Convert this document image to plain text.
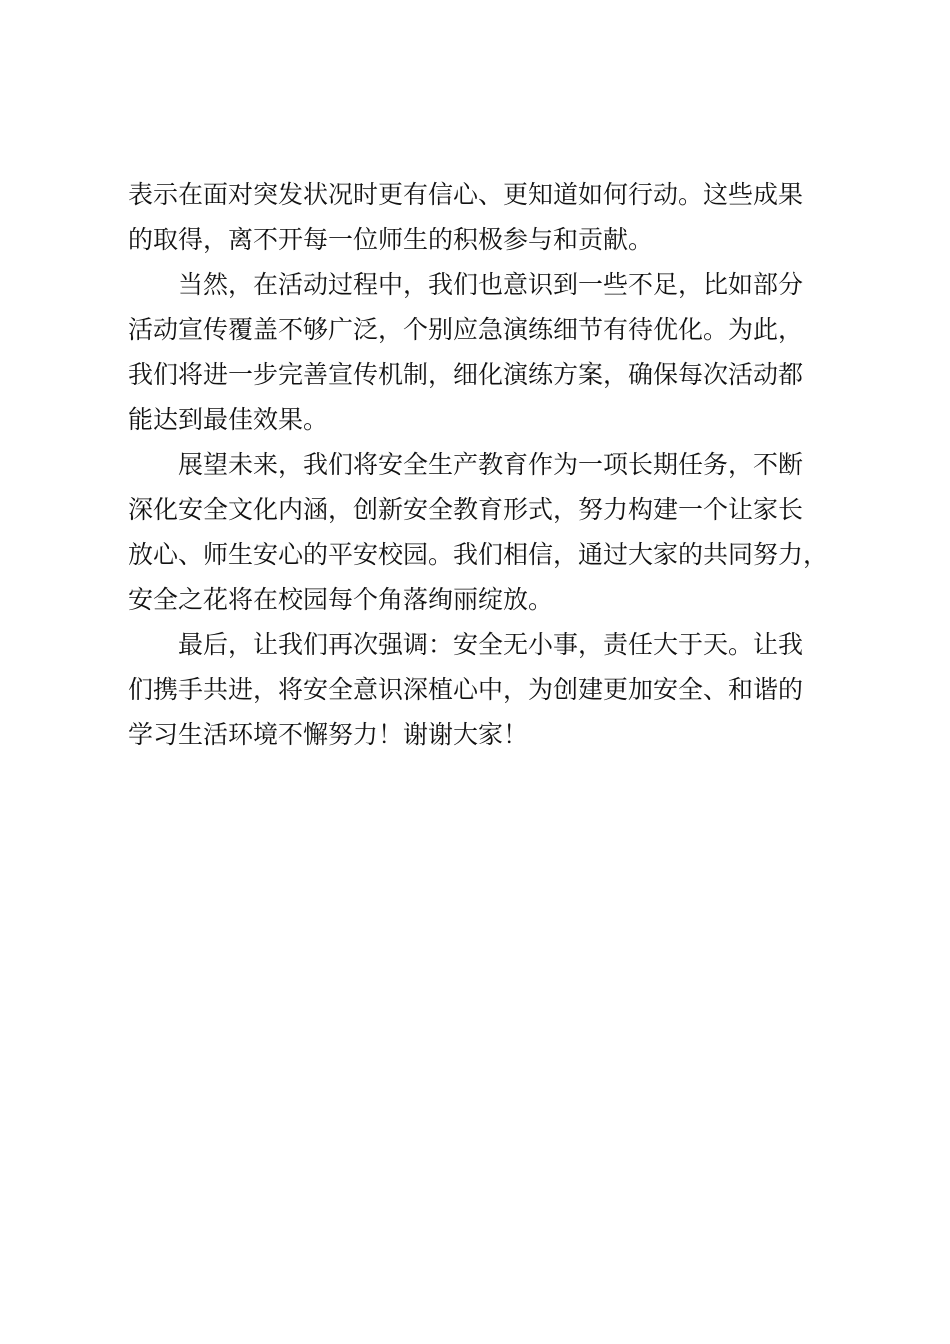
表示在面对突发状况时更有信心、更知道如何行动。这些成果
的取得，离不开每一位师生的积极参与和贡献。
当然，在活动过程中，我们也意识到一些不足，比如部分
活动宣传覆盖不够广泛，个别应急演练细节有待优化。为此，
我们将进一步完善宣传机制，细化演练方案，确保每次活动都
能达到最佳效果。
展望未来，我们将安全生产教育作为一项长期任务，不断
深化安全文化内涵，创新安全教育形式，努力构建一个让家长
放心、师生安心的平安校园。我们相信，通过大家的共同努力，
安全之花将在校园每个角落绚丽绽放。
最后，让我们再次强调：安全无小事，责任大于天。让我
们携手共进，将安全意识深植心中，为创建更加安全、和谐的
学习生活环境不懈努力！谢谢大家！
